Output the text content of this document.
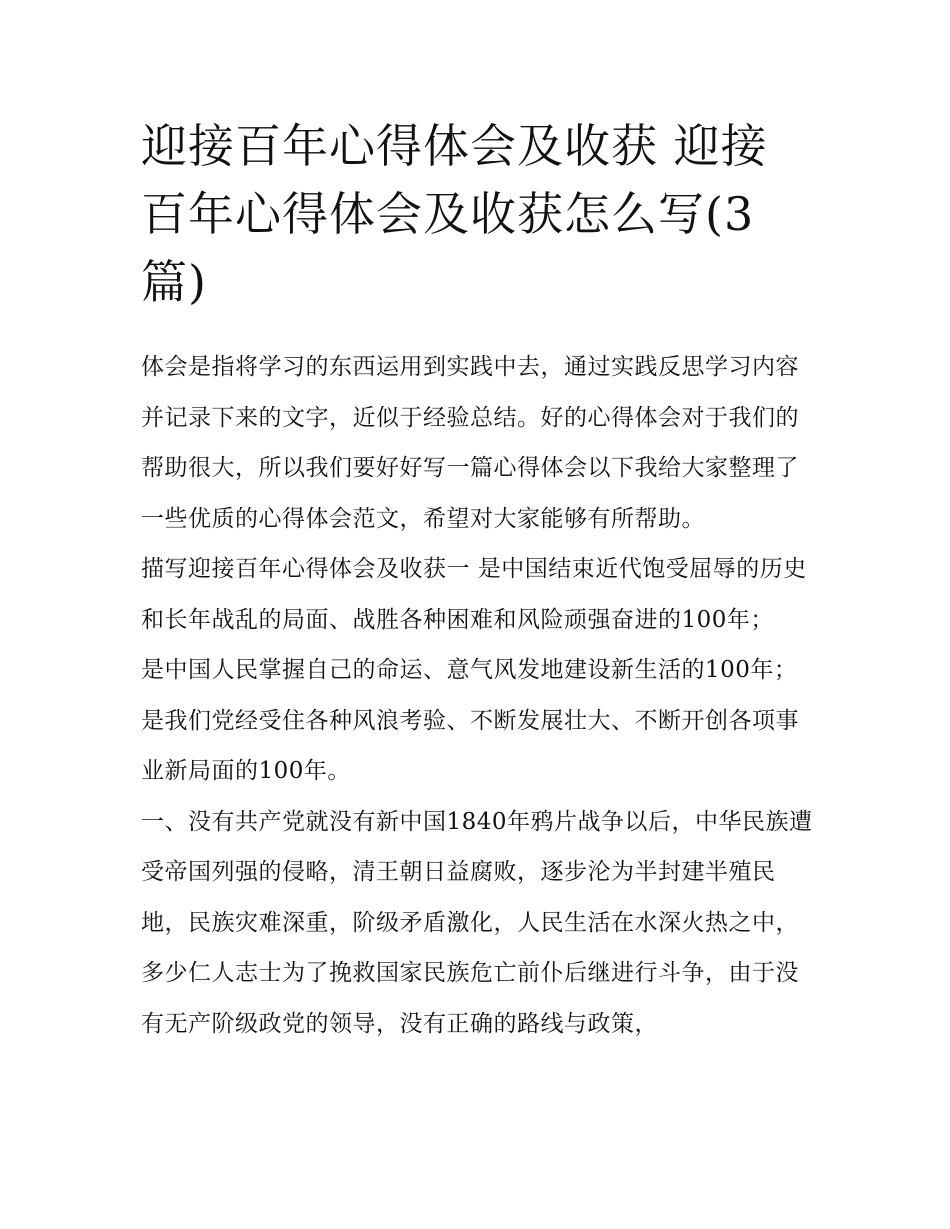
迎接百年心得体会及收获 迎接百年心得体会及收获怎么写(3篇)

体会是指将学习的东西运用到实践中去，通过实践反思学习内容并记录下来的文字，近似于经验总结。好的心得体会对于我们的帮助很大，所以我们要好好写一篇心得体会以下我给大家整理了一些优质的心得体会范文，希望对大家能够有所帮助。

描写迎接百年心得体会及收获一 是中国结束近代饱受屈辱的历史和长年战乱的局面、战胜各种困难和风险顽强奋进的100年；

是中国人民掌握自己的命运、意气风发地建设新生活的100年； 是我们党经受住各种风浪考验、不断发展壮大、不断开创各项事业新局面的100年。

一、没有共产党就没有新中国1840年鸦片战争以后，中华民族遭受帝国列强的侵略，清王朝日益腐败，逐步沦为半封建半殖民地，民族灾难深重，阶级矛盾激化，人民生活在水深火热之中，多少仁人志士为了挽救国家民族危亡前仆后继进行斗争，由于没有无产阶级政党的领导，没有正确的路线与政策，
